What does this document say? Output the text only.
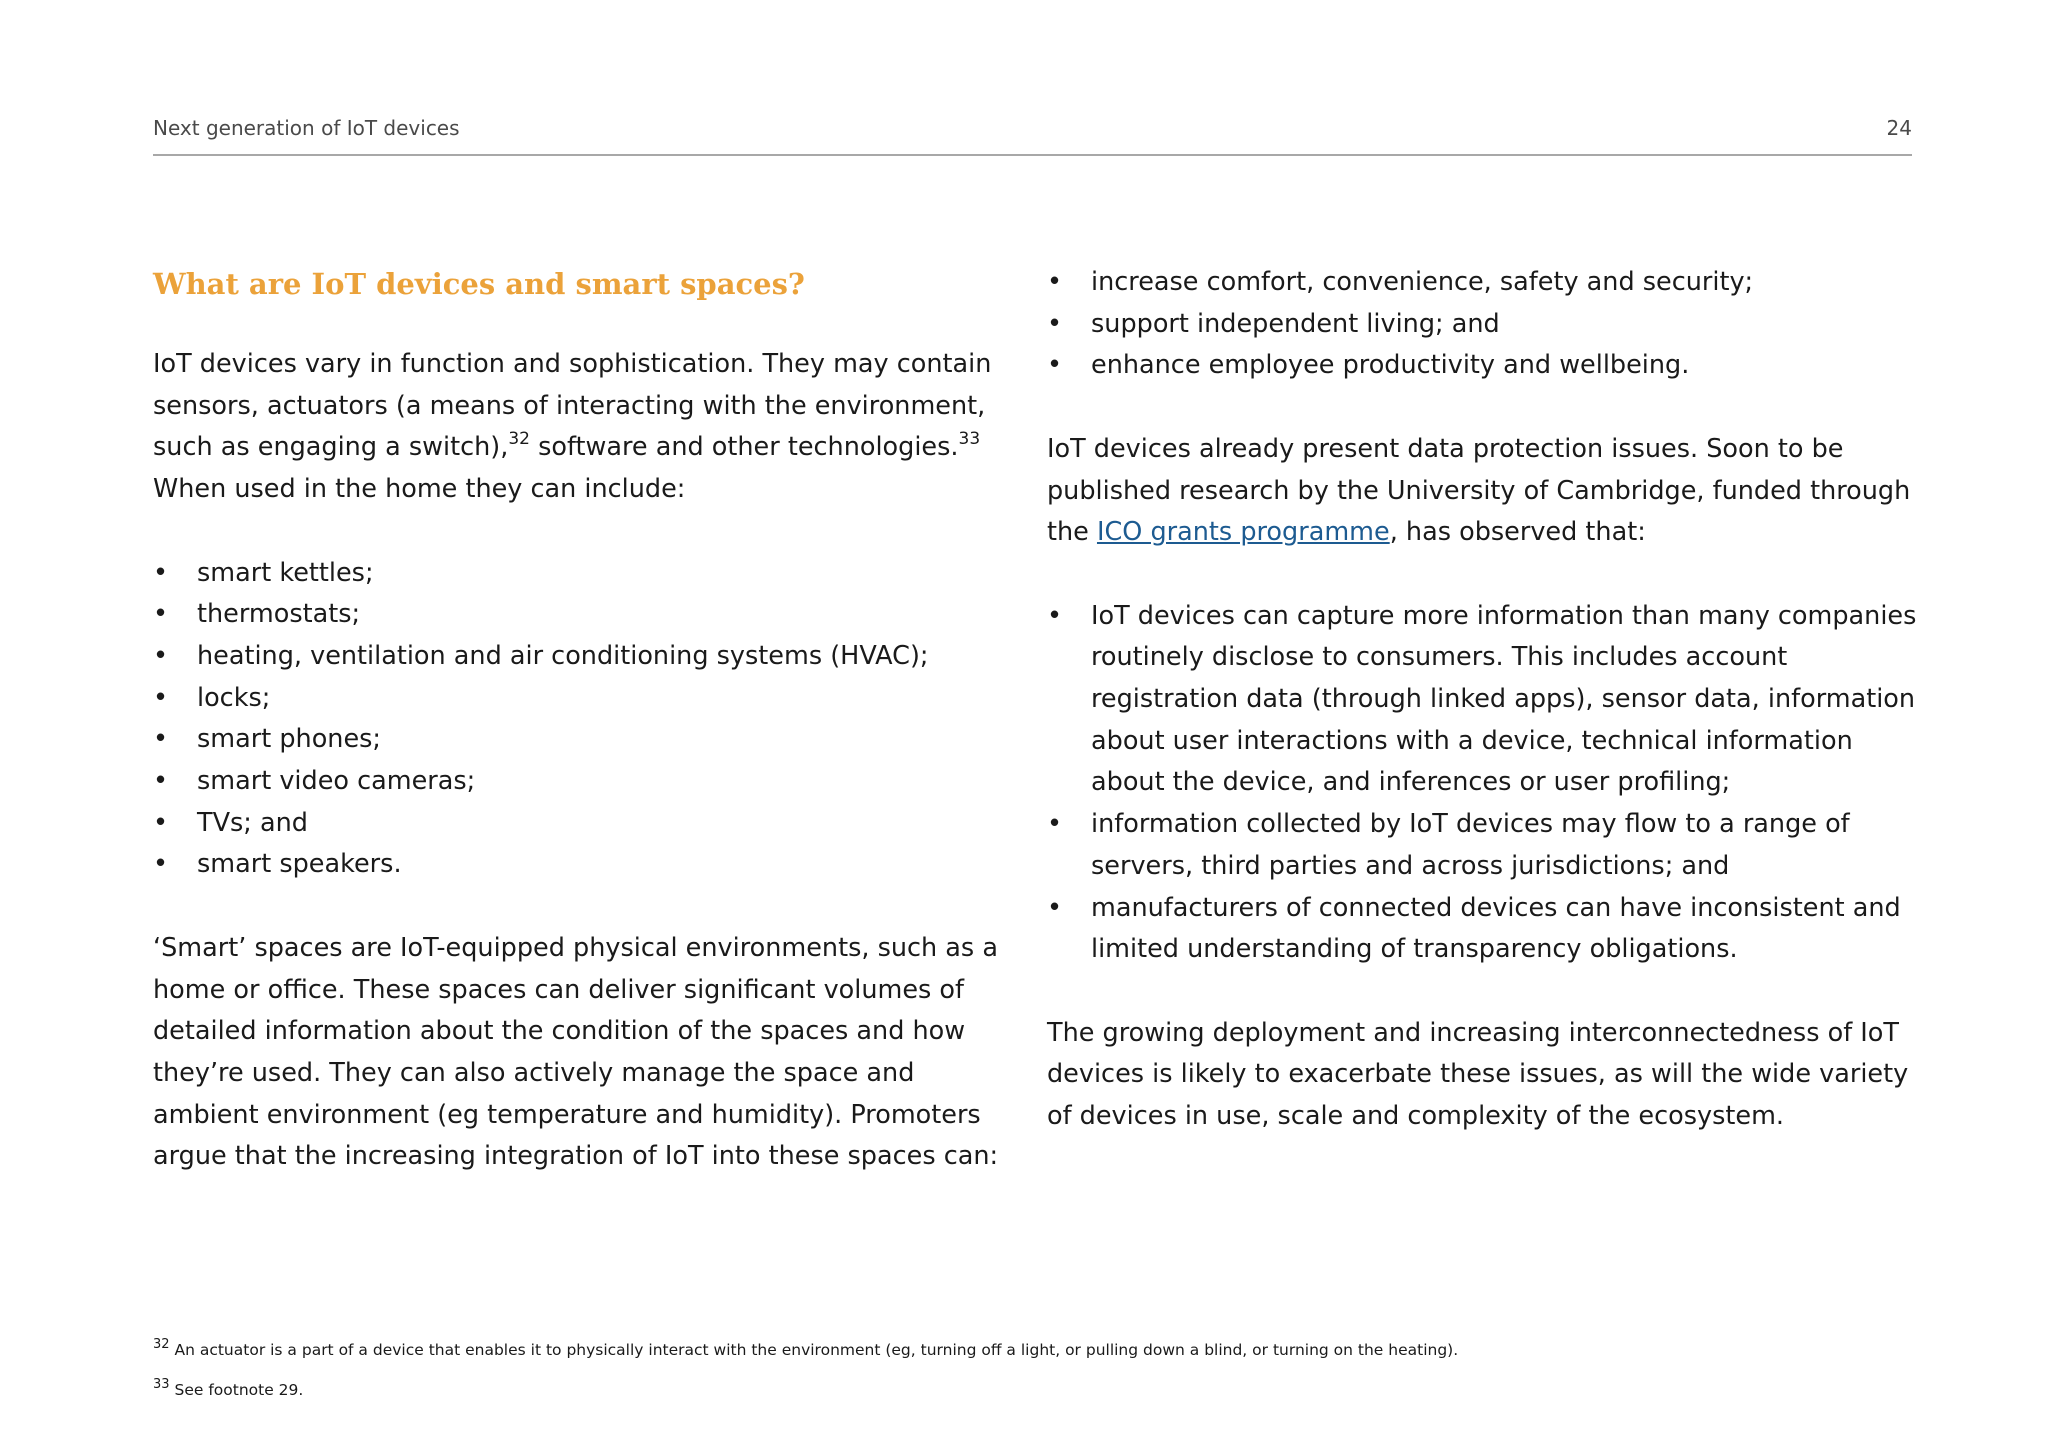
Next generation of IoT devices	24
What are IoT devices and smart spaces?

IoT devices vary in function and sophistication. They may contain sensors, actuators (a means of interacting with the environment, such as engaging a switch),$^{32}$ software and other technologies.$^{33}$ When used in the home they can include:

• smart kettles;
• thermostats;
• heating, ventilation and air conditioning systems (HVAC);
• locks;
• smart phones;
• smart video cameras;
• TVs; and
• smart speakers.

‘Smart’ spaces are IoT-equipped physical environments, such as a home or office. These spaces can deliver significant volumes of detailed information about the condition of the spaces and how they’re used. They can also actively manage the space and ambient environment (eg temperature and humidity). Promoters argue that the increasing integration of IoT into these spaces can:

• increase comfort, convenience, safety and security;
• support independent living; and
• enhance employee productivity and wellbeing.

IoT devices already present data protection issues. Soon to be published research by the University of Cambridge, funded through the ICO grants programme, has observed that:

• IoT devices can capture more information than many companies routinely disclose to consumers. This includes account registration data (through linked apps), sensor data, information about user interactions with a device, technical information about the device, and inferences or user profiling;
• information collected by IoT devices may flow to a range of servers, third parties and across jurisdictions; and
• manufacturers of connected devices can have inconsistent and limited understanding of transparency obligations.

The growing deployment and increasing interconnectedness of IoT devices is likely to exacerbate these issues, as will the wide variety of devices in use, scale and complexity of the ecosystem.

$^{32}$ An actuator is a part of a device that enables it to physically interact with the environment (eg, turning off a light, or pulling down a blind, or turning on the heating).
$^{33}$ See footnote 29.
